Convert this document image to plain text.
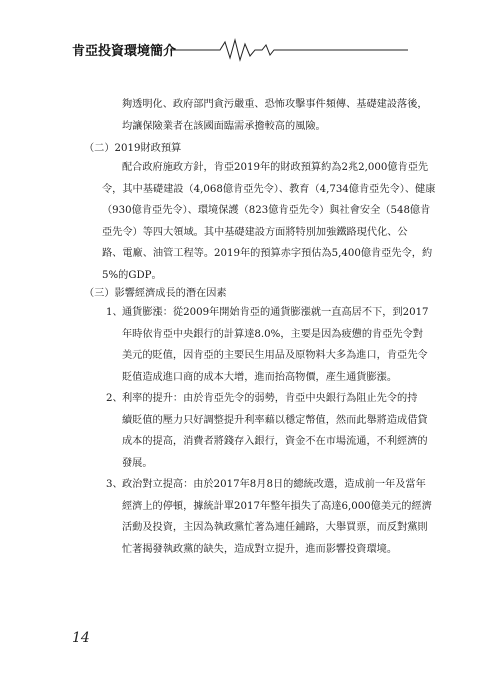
肯亞投資環境簡介
夠透明化、政府部門貪污嚴重、恐怖攻擊事件頻傳、基礎建設落後，
均讓保險業者在該國面臨需承擔較高的風險。
（二）2019財政預算
配合政府施政方針，肯亞2019年的財政預算約為2兆2,000億肯亞先
令，其中基礎建設（4,068億肯亞先令）、教育（4,734億肯亞先令）、健康
（930億肯亞先令）、環境保護（823億肯亞先令）與社會安全（548億肯
亞先令）等四大領域。其中基礎建設方面將特別加強鐵路現代化、公
路、電廠、油管工程等。2019年的預算赤字預估為5,400億肯亞先令，約
5%的GDP。
（三）影響經濟成長的潛在因素
1、 通貨膨漲：從2009年開始肯亞的通貨膨漲就一直高居不下，到2017
年時依肯亞中央銀行的計算達8.0%，主要是因為疲憊的肯亞先令對
美元的貶值，因肯亞的主要民生用品及原物料大多為進口，肯亞先令
貶值造成進口商的成本大增，進而抬高物價，產生通貨膨漲。
2、 利率的提升：由於肯亞先令的弱勢，肯亞中央銀行為阻止先令的持
續貶值的壓力只好調整提升利率藉以穩定幣值，然而此舉將造成借貸
成本的提高，消費者將錢存入銀行，資金不在市場流通，不利經濟的
發展。
3、 政治對立提高：由於2017年8月8日的總統改選，造成前一年及當年
經濟上的停頓，據統計單2017年整年損失了高達6,000億美元的經濟
活動及投資，主因為執政黨忙著為連任鋪路，大舉買票，而反對黨則
忙著揭發執政黨的缺失，造成對立提升，進而影響投資環境。
14
